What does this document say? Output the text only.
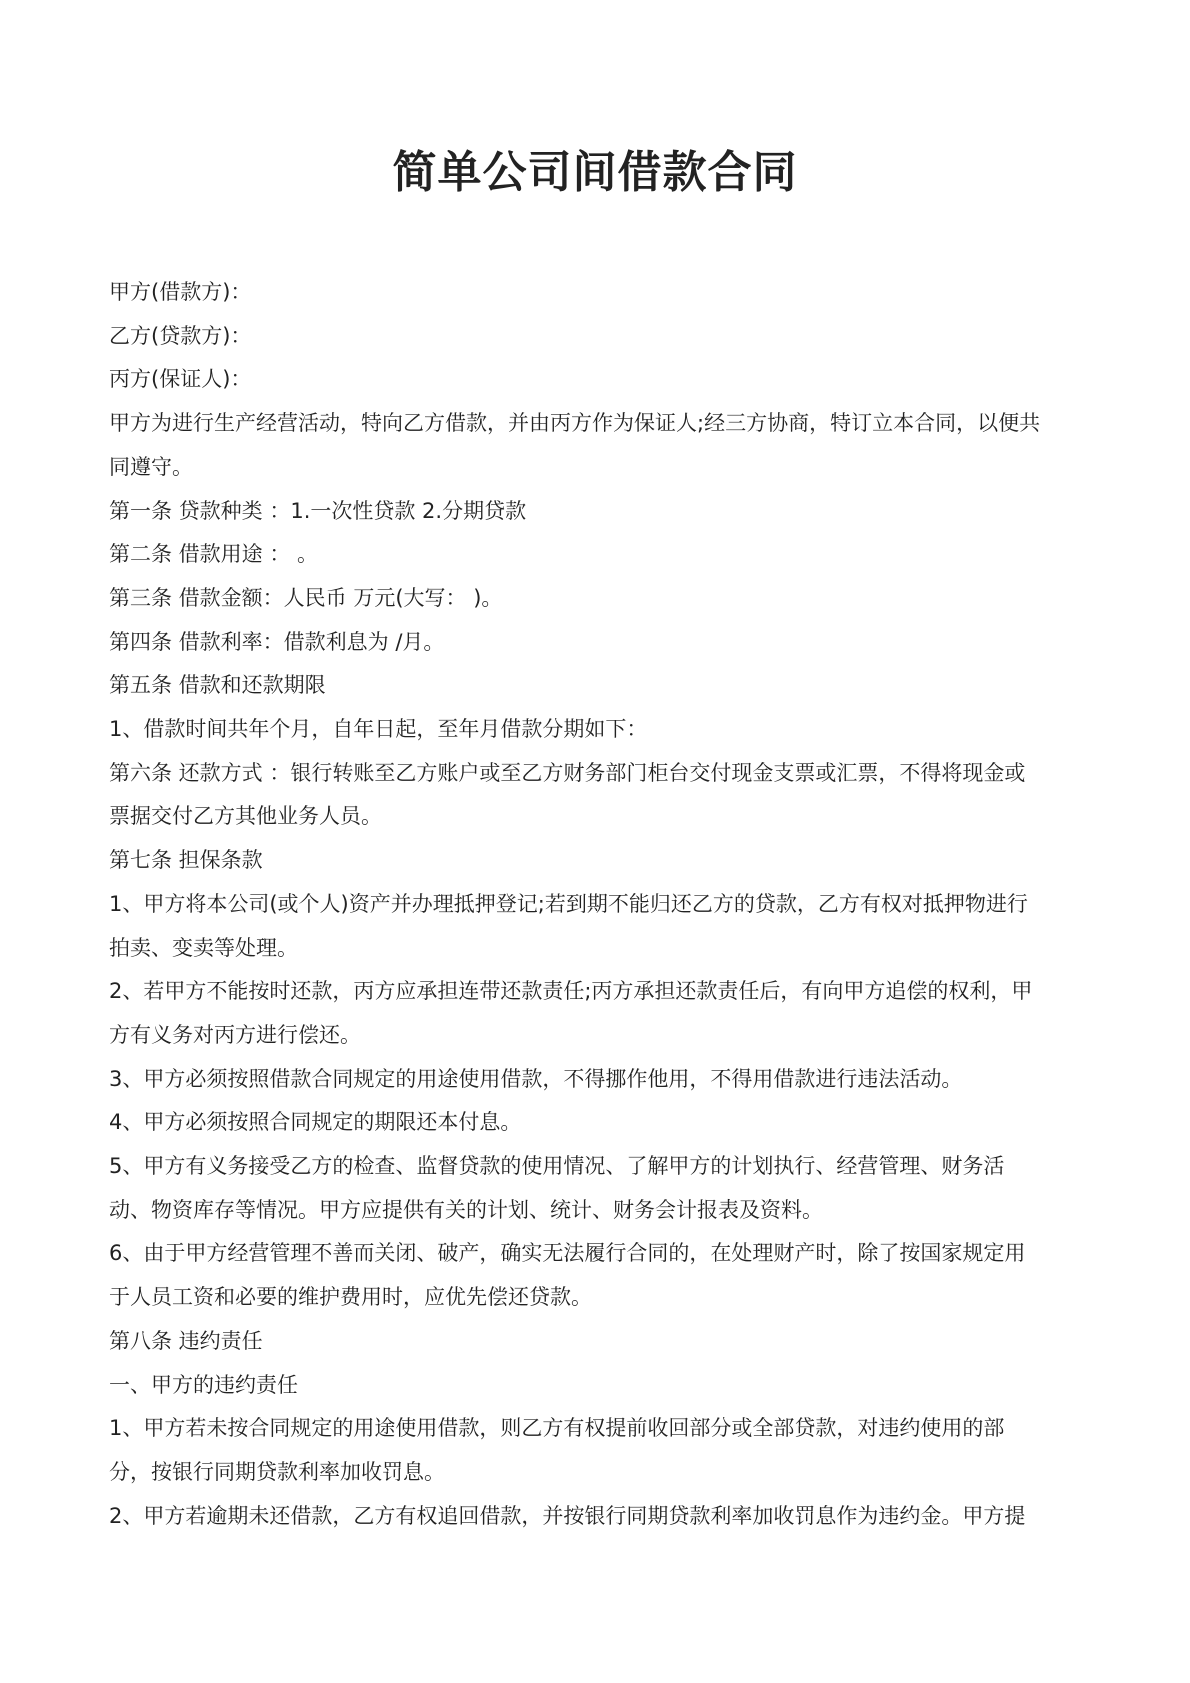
简单公司间借款合同

甲方(借款方)：

乙方(贷款方)：

丙方(保证人)：

甲方为进行生产经营活动，特向乙方借款，并由丙方作为保证人;经三方协商，特订立本合同，以便共

同遵守。

第一条 贷款种类 ：1.一次性贷款 2.分期贷款

第二条 借款用途 ： 。

第三条 借款金额：人民币 万元(大写： )。

第四条 借款利率：借款利息为 /月。

第五条 借款和还款期限

1、借款时间共年个月，自年日起，至年月借款分期如下：

第六条 还款方式 ：银行转账至乙方账户或至乙方财务部门柜台交付现金支票或汇票，不得将现金或

票据交付乙方其他业务人员。

第七条 担保条款

1、甲方将本公司(或个人)资产并办理抵押登记;若到期不能归还乙方的贷款，乙方有权对抵押物进行

拍卖、变卖等处理。

2、若甲方不能按时还款，丙方应承担连带还款责任;丙方承担还款责任后，有向甲方追偿的权利，甲

方有义务对丙方进行偿还。

3、甲方必须按照借款合同规定的用途使用借款，不得挪作他用，不得用借款进行违法活动。

4、甲方必须按照合同规定的期限还本付息。

5、甲方有义务接受乙方的检查、监督贷款的使用情况、了解甲方的计划执行、经营管理、财务活

动、物资库存等情况。甲方应提供有关的计划、统计、财务会计报表及资料。

6、由于甲方经营管理不善而关闭、破产，确实无法履行合同的，在处理财产时，除了按国家规定用

于人员工资和必要的维护费用时，应优先偿还贷款。

第八条 违约责任

一、甲方的违约责任

1、甲方若未按合同规定的用途使用借款，则乙方有权提前收回部分或全部贷款，对违约使用的部

分，按银行同期贷款利率加收罚息。

2、甲方若逾期未还借款，乙方有权追回借款，并按银行同期贷款利率加收罚息作为违约金。甲方提
